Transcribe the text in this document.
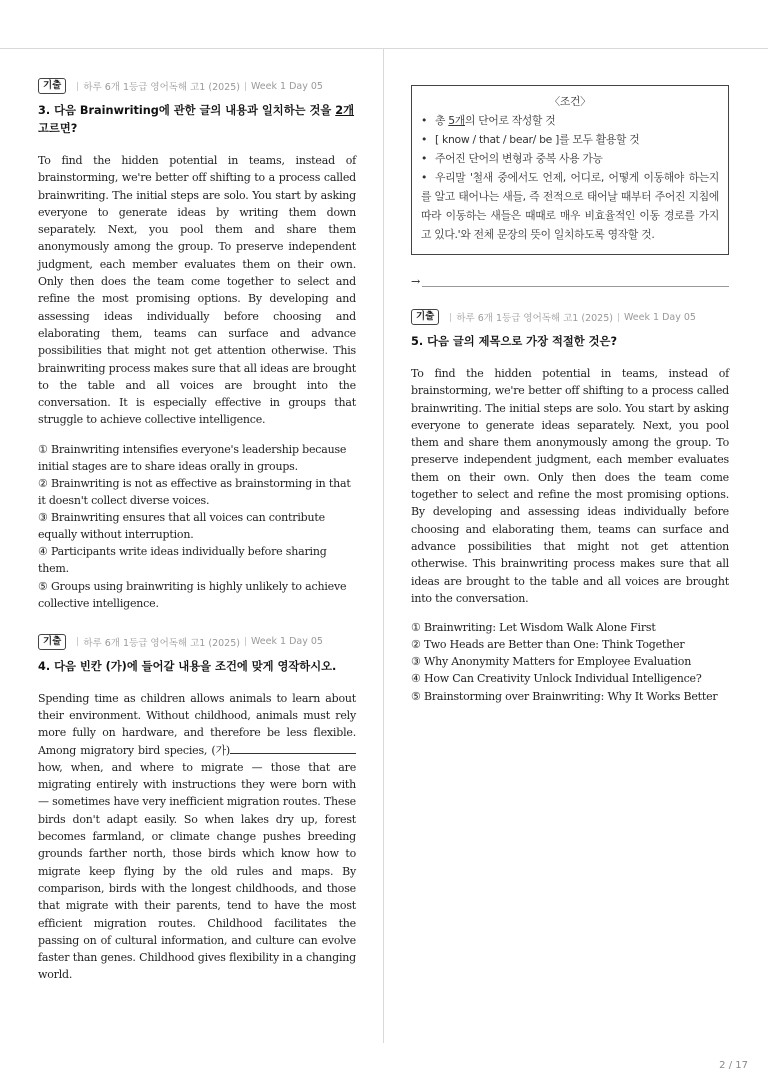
기출	하루 6개 1등급 영어독해 고1 (2025) Week 1 Day 05
3. 다음 Brainwriting에 관한 글의 내용과 일치하는 것을 2개 고르면?

To find the hidden potential in teams, instead of brainstorming, we're better off shifting to a process called brainwriting. The initial steps are solo. You start by asking everyone to generate ideas by writing them down separately. Next, you pool them and share them anonymously among the group. To preserve independent judgment, each member evaluates them on their own. Only then does the team come together to select and refine the most promising options. By developing and assessing ideas individually before choosing and elaborating them, teams can surface and advance possibilities that might not get attention otherwise. This brainwriting process makes sure that all ideas are brought to the table and all voices are brought into the conversation. It is especially effective in groups that struggle to achieve collective intelligence.

① Brainwriting intensifies everyone's leadership because initial stages are to share ideas orally in groups.
② Brainwriting is not as effective as brainstorming in that it doesn't collect diverse voices.
③ Brainwriting ensures that all voices can contribute equally without interruption.
④ Participants write ideas individually before sharing them.
⑤ Groups using brainwriting is highly unlikely to achieve collective intelligence.
기출	하루 6개 1등급 영어독해 고1 (2025) Week 1 Day 05
4. 다음 빈칸 (가)에 들어갈 내용을 조건에 맞게 영작하시오.

Spending time as children allows animals to learn about their environment. Without childhood, animals must rely more fully on hardware, and therefore be less flexible. Among migratory bird species, (가) how, when, and where to migrate — those that are migrating entirely with instructions they were born with — sometimes have very inefficient migration routes. These birds don't adapt easily. So when lakes dry up, forest becomes farmland, or climate change pushes breeding grounds farther north, those birds which know how to migrate keep flying by the old rules and maps. By comparison, birds with the longest childhoods, and those that migrate with their parents, tend to have the most efficient migration routes. Childhood facilitates the passing on of cultural information, and culture can evolve faster than genes. Childhood gives flexibility in a changing world.

〈조건〉
• 총 5개의 단어로 작성할 것
• [ know / that / bear/ be ]를 모두 활용할 것
• 주어진 단어의 변형과 중복 사용 가능
• 우리말 '철새 중에서도 언제, 어디로, 어떻게 이동해야 하는지를 알고 태어나는 새들, 즉 전적으로 태어날 때부터 주어진 지침에 따라 이동하는 새들은 때때로 매우 비효율적인 이동 경로를 가지고 있다.'와 전체 문장의 뜻이 일치하도록 영작할 것.
→
기출	하루 6개 1등급 영어독해 고1 (2025) Week 1 Day 05
5. 다음 글의 제목으로 가장 적절한 것은?

To find the hidden potential in teams, instead of brainstorming, we're better off shifting to a process called brainwriting. The initial steps are solo. You start by asking everyone to generate ideas separately. Next, you pool them and share them anonymously among the group. To preserve independent judgment, each member evaluates them on their own. Only then does the team come together to select and refine the most promising options. By developing and assessing ideas individually before choosing and elaborating them, teams can surface and advance possibilities that might not get attention otherwise. This brainwriting process makes sure that all ideas are brought to the table and all voices are brought into the conversation.

① Brainwriting: Let Wisdom Walk Alone First
② Two Heads are Better than One: Think Together
③ Why Anonymity Matters for Employee Evaluation
④ How Can Creativity Unlock Individual Intelligence?
⑤ Brainstorming over Brainwriting: Why It Works Better
2 / 17
